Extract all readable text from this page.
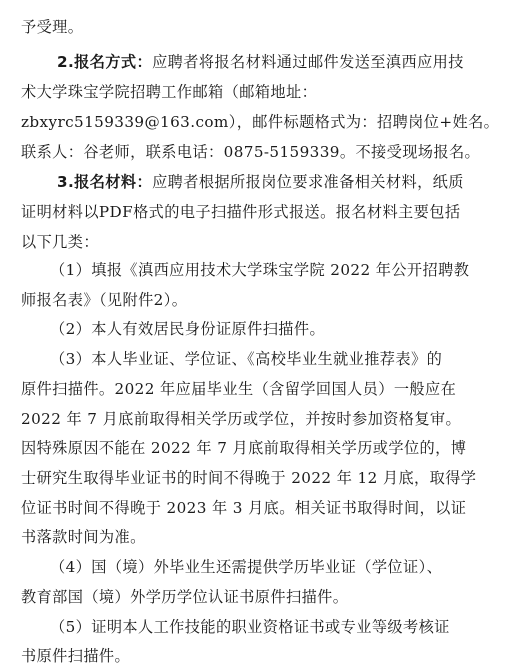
予受理。
2.报名方式：应聘者将报名材料通过邮件发送至滇西应用技
术大学珠宝学院招聘工作邮箱（邮箱地址：
zbxyrc5159339@163.com），邮件标题格式为：招聘岗位+姓名。
联系人：谷老师，联系电话：0875-5159339。不接受现场报名。
3.报名材料：应聘者根据所报岗位要求准备相关材料，纸质
证明材料以PDF格式的电子扫描件形式报送。报名材料主要包括
以下几类：
（1）填报《滇西应用技术大学珠宝学院 2022 年公开招聘教
师报名表》（见附件2）。
（2）本人有效居民身份证原件扫描件。
（3）本人毕业证、学位证、《高校毕业生就业推荐表》的
原件扫描件。2022 年应届毕业生（含留学回国人员）一般应在
2022 年 7 月底前取得相关学历或学位，并按时参加资格复审。
因特殊原因不能在 2022 年 7 月底前取得相关学历或学位的，博
士研究生取得毕业证书的时间不得晚于 2022 年 12 月底，取得学
位证书时间不得晚于 2023 年 3 月底。相关证书取得时间，以证
书落款时间为准。
（4）国（境）外毕业生还需提供学历毕业证（学位证）、
教育部国（境）外学历学位认证书原件扫描件。
（5）证明本人工作技能的职业资格证书或专业等级考核证
书原件扫描件。
